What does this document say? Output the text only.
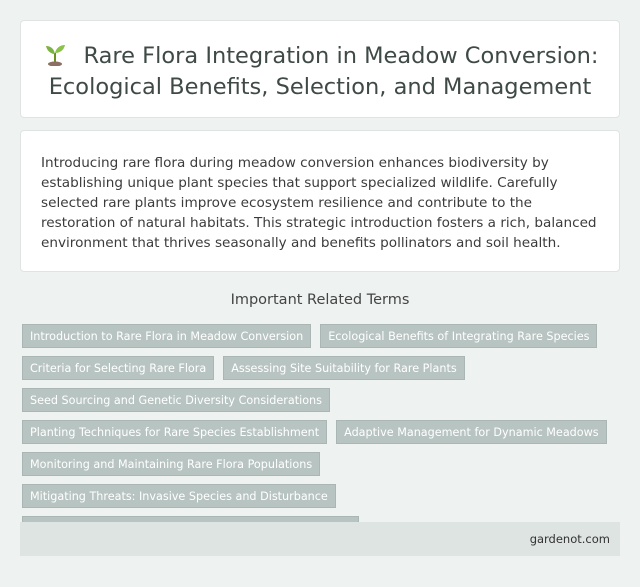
Rare Flora Integration in Meadow Conversion: Ecological Benefits, Selection, and Management

Introducing rare flora during meadow conversion enhances biodiversity by establishing unique plant species that support specialized wildlife. Carefully selected rare plants improve ecosystem resilience and contribute to the restoration of natural habitats. This strategic introduction fosters a rich, balanced environment that thrives seasonally and benefits pollinators and soil health.

Important Related Terms
Introduction to Rare Flora in Meadow Conversion	Ecological Benefits of Integrating Rare Species
Criteria for Selecting Rare Flora	Assessing Site Suitability for Rare Plants
Seed Sourcing and Genetic Diversity Considerations
Planting Techniques for Rare Species Establishment	Adaptive Management for Dynamic Meadows
Monitoring and Maintaining Rare Flora Populations
Mitigating Threats: Invasive Species and Disturbance
gardenot.com
